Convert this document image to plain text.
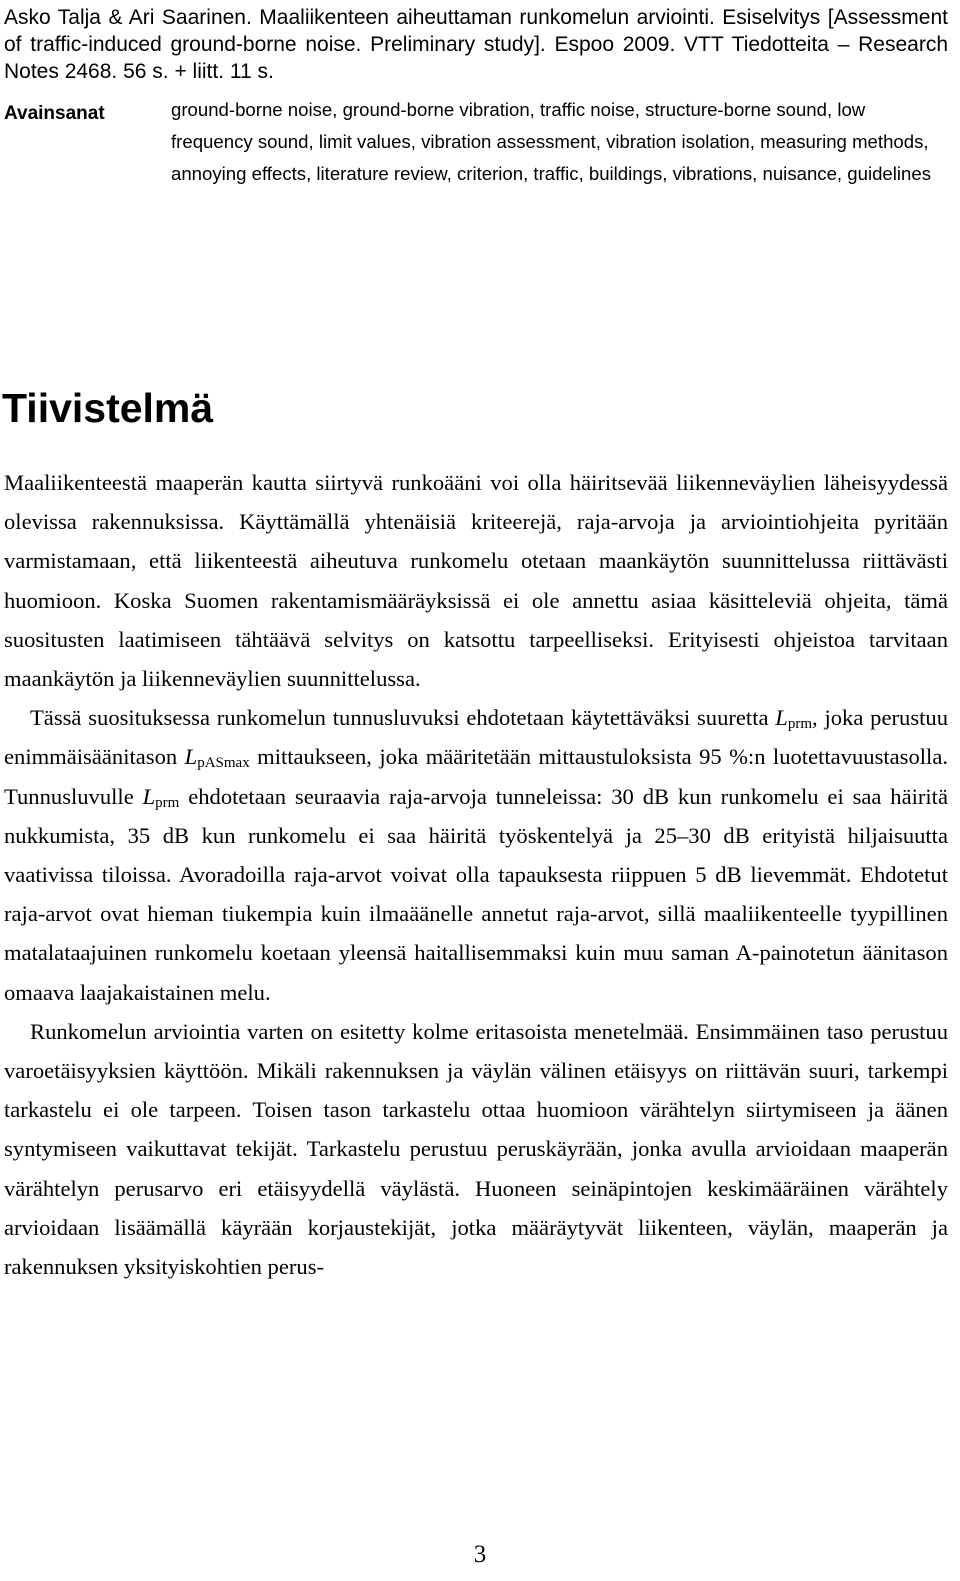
Asko Talja & Ari Saarinen. Maaliikenteen aiheuttaman runkomelun arviointi. Esiselvitys [Assessment of traffic-induced ground-borne noise. Preliminary study]. Espoo 2009. VTT Tiedotteita – Research Notes 2468. 56 s. + liitt. 11 s.
Avainsanat	ground-borne noise, ground-borne vibration, traffic noise, structure-borne sound, low frequency sound, limit values, vibration assessment, vibration isolation, measuring methods, annoying effects, literature review, criterion, traffic, buildings, vibrations, nuisance, guidelines
Tiivistelmä

Maaliikenteestä maaperän kautta siirtyvä runkoääni voi olla häiritsevää liikenneväylien läheisyydessä olevissa rakennuksissa. Käyttämällä yhtenäisiä kriteerejä, raja-arvoja ja arviointiohjeita pyritään varmistamaan, että liikenteestä aiheutuva runkomelu otetaan maankäytön suunnittelussa riittävästi huomioon. Koska Suomen rakentamismääräyksissä ei ole annettu asiaa käsitteleviä ohjeita, tämä suositusten laatimiseen tähtäävä selvitys on katsottu tarpeelliseksi. Erityisesti ohjeistoa tarvitaan maankäytön ja liikenneväylien suunnittelussa.

Tässä suosituksessa runkomelun tunnusluvuksi ehdotetaan käytettäväksi suuretta $L_{prm}$, joka perustuu enimmäisäänitason $L_{pASmax}$ mittaukseen, joka määritetään mittaustuloksista 95 %:n luotettavuustasolla. Tunnusluvulle $L_{prm}$ ehdotetaan seuraavia raja-arvoja tunneleissa: 30 dB kun runkomelu ei saa häiritä nukkumista, 35 dB kun runkomelu ei saa häiritä työskentelyä ja 25–30 dB erityistä hiljaisuutta vaativissa tiloissa. Avoradoilla raja-arvot voivat olla tapauksesta riippuen 5 dB lievemmät. Ehdotetut raja-arvot ovat hieman tiukempia kuin ilmaäänelle annetut raja-arvot, sillä maaliikenteelle tyypillinen matalataajuinen runkomelu koetaan yleensä haitallisemmaksi kuin muu saman A-painotetun äänitason omaava laajakaistainen melu.

Runkomelun arviointia varten on esitetty kolme eritasoista menetelmää. Ensimmäinen taso perustuu varoetäisyyksien käyttöön. Mikäli rakennuksen ja väylän välinen etäisyys on riittävän suuri, tarkempi tarkastelu ei ole tarpeen. Toisen tason tarkastelu ottaa huomioon värähtelyn siirtymiseen ja äänen syntymiseen vaikuttavat tekijät. Tarkastelu perustuu peruskäyrään, jonka avulla arvioidaan maaperän värähtelyn perusarvo eri etäisyydellä väylästä. Huoneen seinäpintojen keskimääräinen värähtely arvioidaan lisäämällä käyrään korjaustekijät, jotka määräytyvät liikenteen, väylän, maaperän ja rakennuksen yksityiskohtien perus-

3
